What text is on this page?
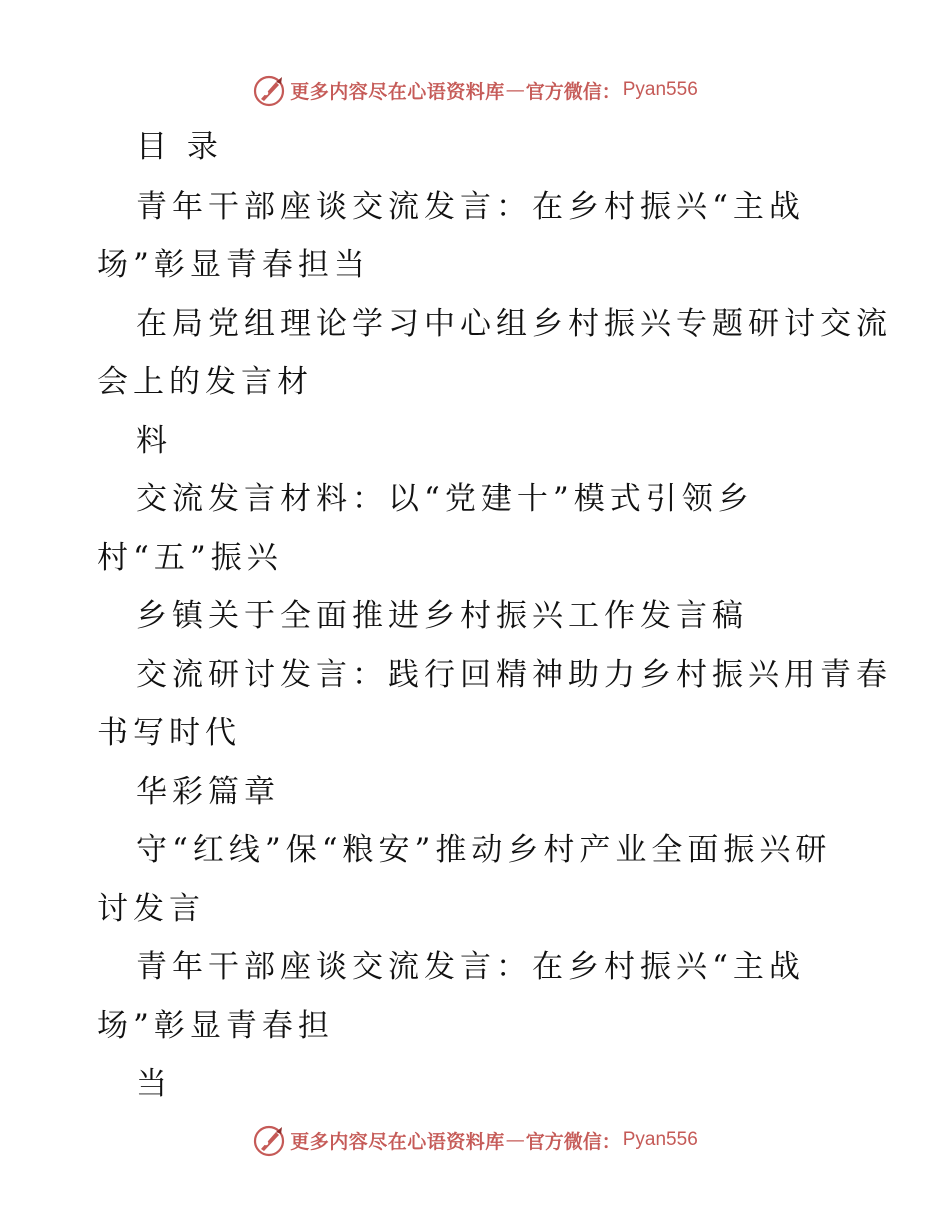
更多内容尽在心语资料库 — 官方微信： Pyan556
目 录
青年干部座谈交流发言：在乡村振兴“主战
场”彰显青春担当
在局党组理论学习中心组乡村振兴专题研讨交流
会上的发言材
料
交流发言材料：以“党建十”模式引领乡
村“五”振兴
乡镇关于全面推进乡村振兴工作发言稿
交流研讨发言：践行回精神助力乡村振兴用青春
书写时代
华彩篇章
守“红线”保“粮安”推动乡村产业全面振兴研
讨发言
青年干部座谈交流发言：在乡村振兴“主战
场”彰显青春担
当
更多内容尽在心语资料库 — 官方微信： Pyan556
